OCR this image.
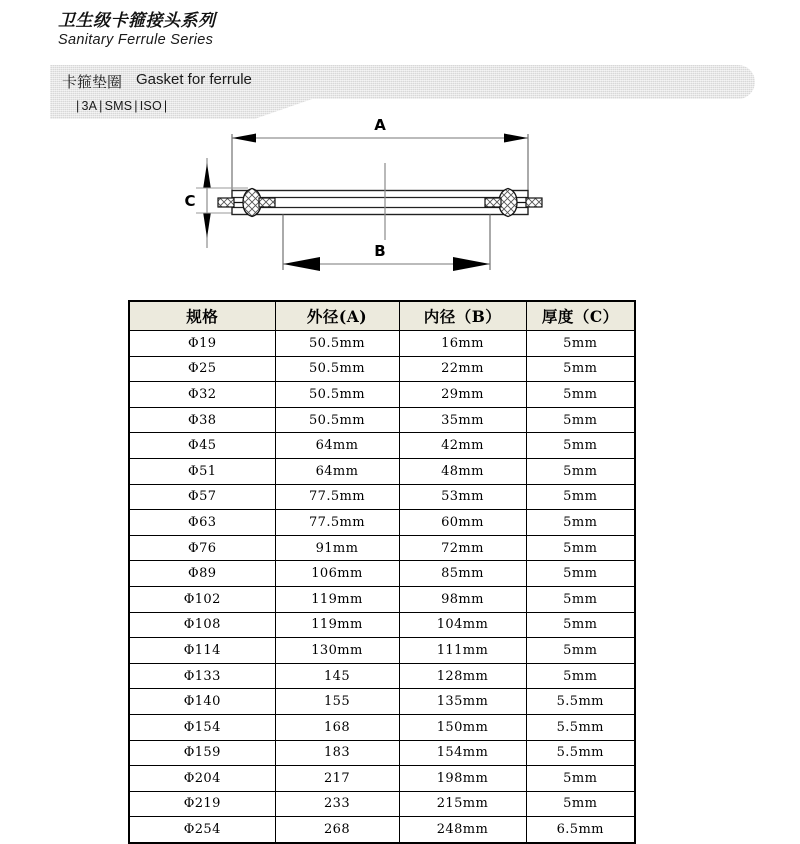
卫生级卡箍接头系列
Sanitary Ferrule Series
卡箍垫圈 Gasket for ferrule
| 3A | SMS | ISO |
A
C
B
规格	外径(A)	内径（B）	厚度（C）
Φ19	50.5mm	16mm	5mm
Φ25	50.5mm	22mm	5mm
Φ32	50.5mm	29mm	5mm
Φ38	50.5mm	35mm	5mm
Φ45	64mm	42mm	5mm
Φ51	64mm	48mm	5mm
Φ57	77.5mm	53mm	5mm
Φ63	77.5mm	60mm	5mm
Φ76	91mm	72mm	5mm
Φ89	106mm	85mm	5mm
Φ102	119mm	98mm	5mm
Φ108	119mm	104mm	5mm
Φ114	130mm	111mm	5mm
Φ133	145	128mm	5mm
Φ140	155	135mm	5.5mm
Φ154	168	150mm	5.5mm
Φ159	183	154mm	5.5mm
Φ204	217	198mm	5mm
Φ219	233	215mm	5mm
Φ254	268	248mm	6.5mm
